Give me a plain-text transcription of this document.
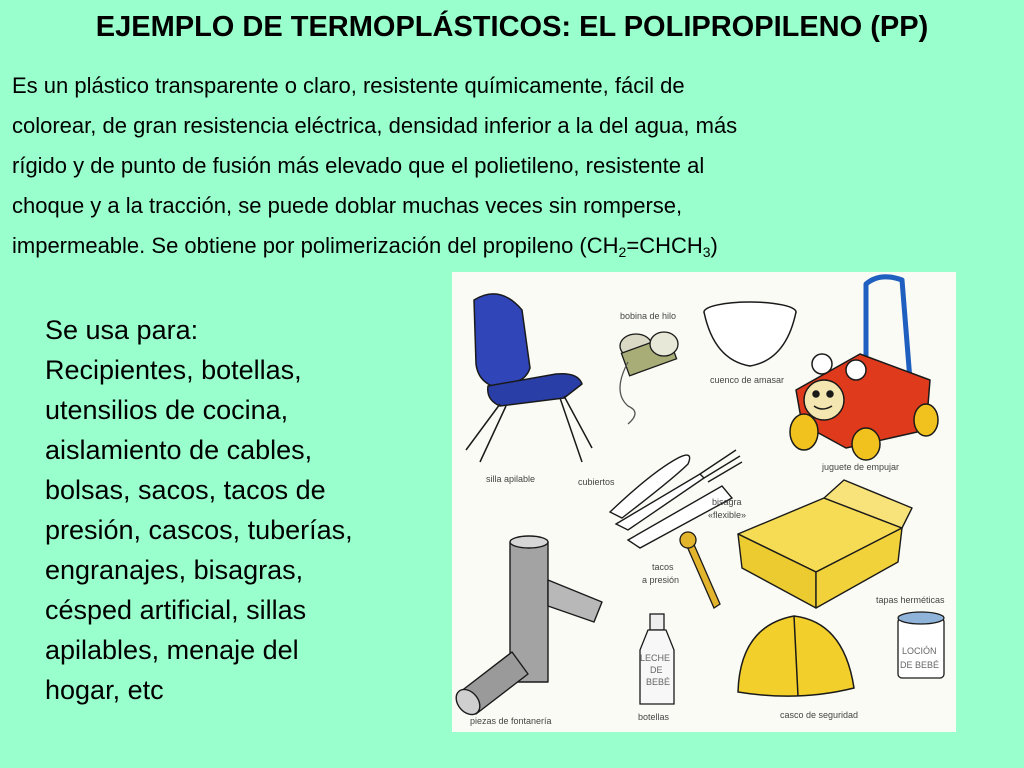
EJEMPLO DE TERMOPLÁSTICOS: EL POLIPROPILENO (PP)
Es un plástico transparente o claro, resistente químicamente, fácil de
colorear, de gran resistencia eléctrica, densidad inferior a la del agua, más
rígido y de punto de fusión más elevado que el polietileno, resistente al
choque y a la tracción, se puede doblar muchas veces sin romperse,
impermeable. Se obtiene por polimerización del propileno $(CH_2=CHCH_3)$
Se usa para:
Recipientes, botellas,
utensilios de cocina,
aislamiento de cables,
bolsas, sacos, tacos de
presión, cascos, tuberías,
engranajes, bisagras,
césped artificial, sillas
apilables, menaje del
hogar, etc
silla apilable
bobina de hilo
cuenco de amasar
juguete de empujar
cubiertos
bisagra
«flexible»
tapas herméticas
tacos
a presión
piezas de fontanería
LECHE
DE
BEBÉ
botellas	casco de seguridad
LOCIÓN
DE BEBÉ
